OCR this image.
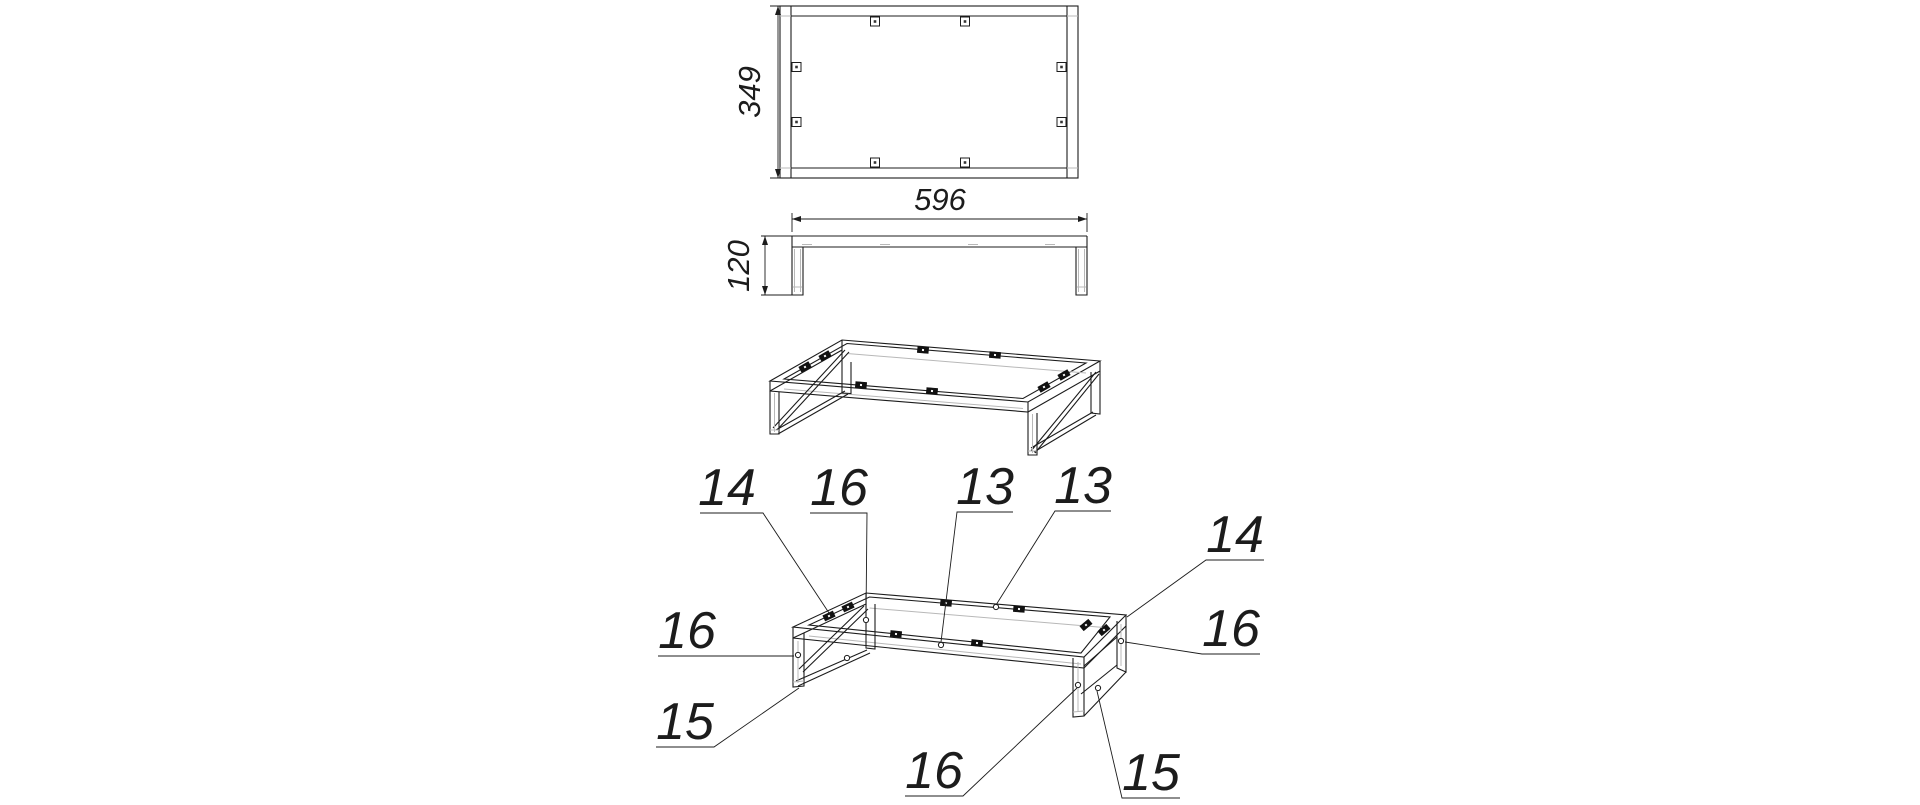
349
596
120
14 16 13 13
14
16
16
15
16	15
